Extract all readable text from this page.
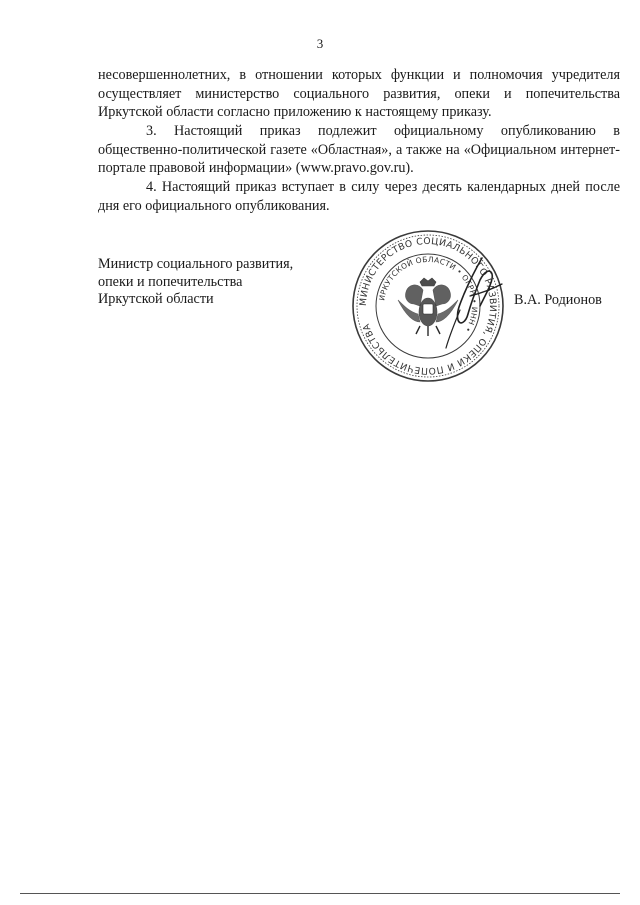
3

несовершеннолетних, в отношении которых функции и полномочия учредителя осуществляет министерство социального развития, опеки и попечительства Иркутской области согласно приложению к настоящему приказу.

3. Настоящий приказ подлежит официальному опубликованию в общественно-политической газете «Областная», а также на «Официальном интернет-портале правовой информации» (www.pravo.gov.ru).

4. Настоящий приказ вступает в силу через десять календарных дней после дня его официального опубликования.

Министр социального развития,
опеки и попечительства
Иркутской области	МИНИСТЕРСТВО СОЦИАЛЬНОГО РАЗВИТИЯ, ОПЕКИ И ПОПЕЧИТЕЛЬСТВА
ИРКУТСКОЙ ОБЛАСТИ • ОГРН • ИНН •
В.А. Родионов
